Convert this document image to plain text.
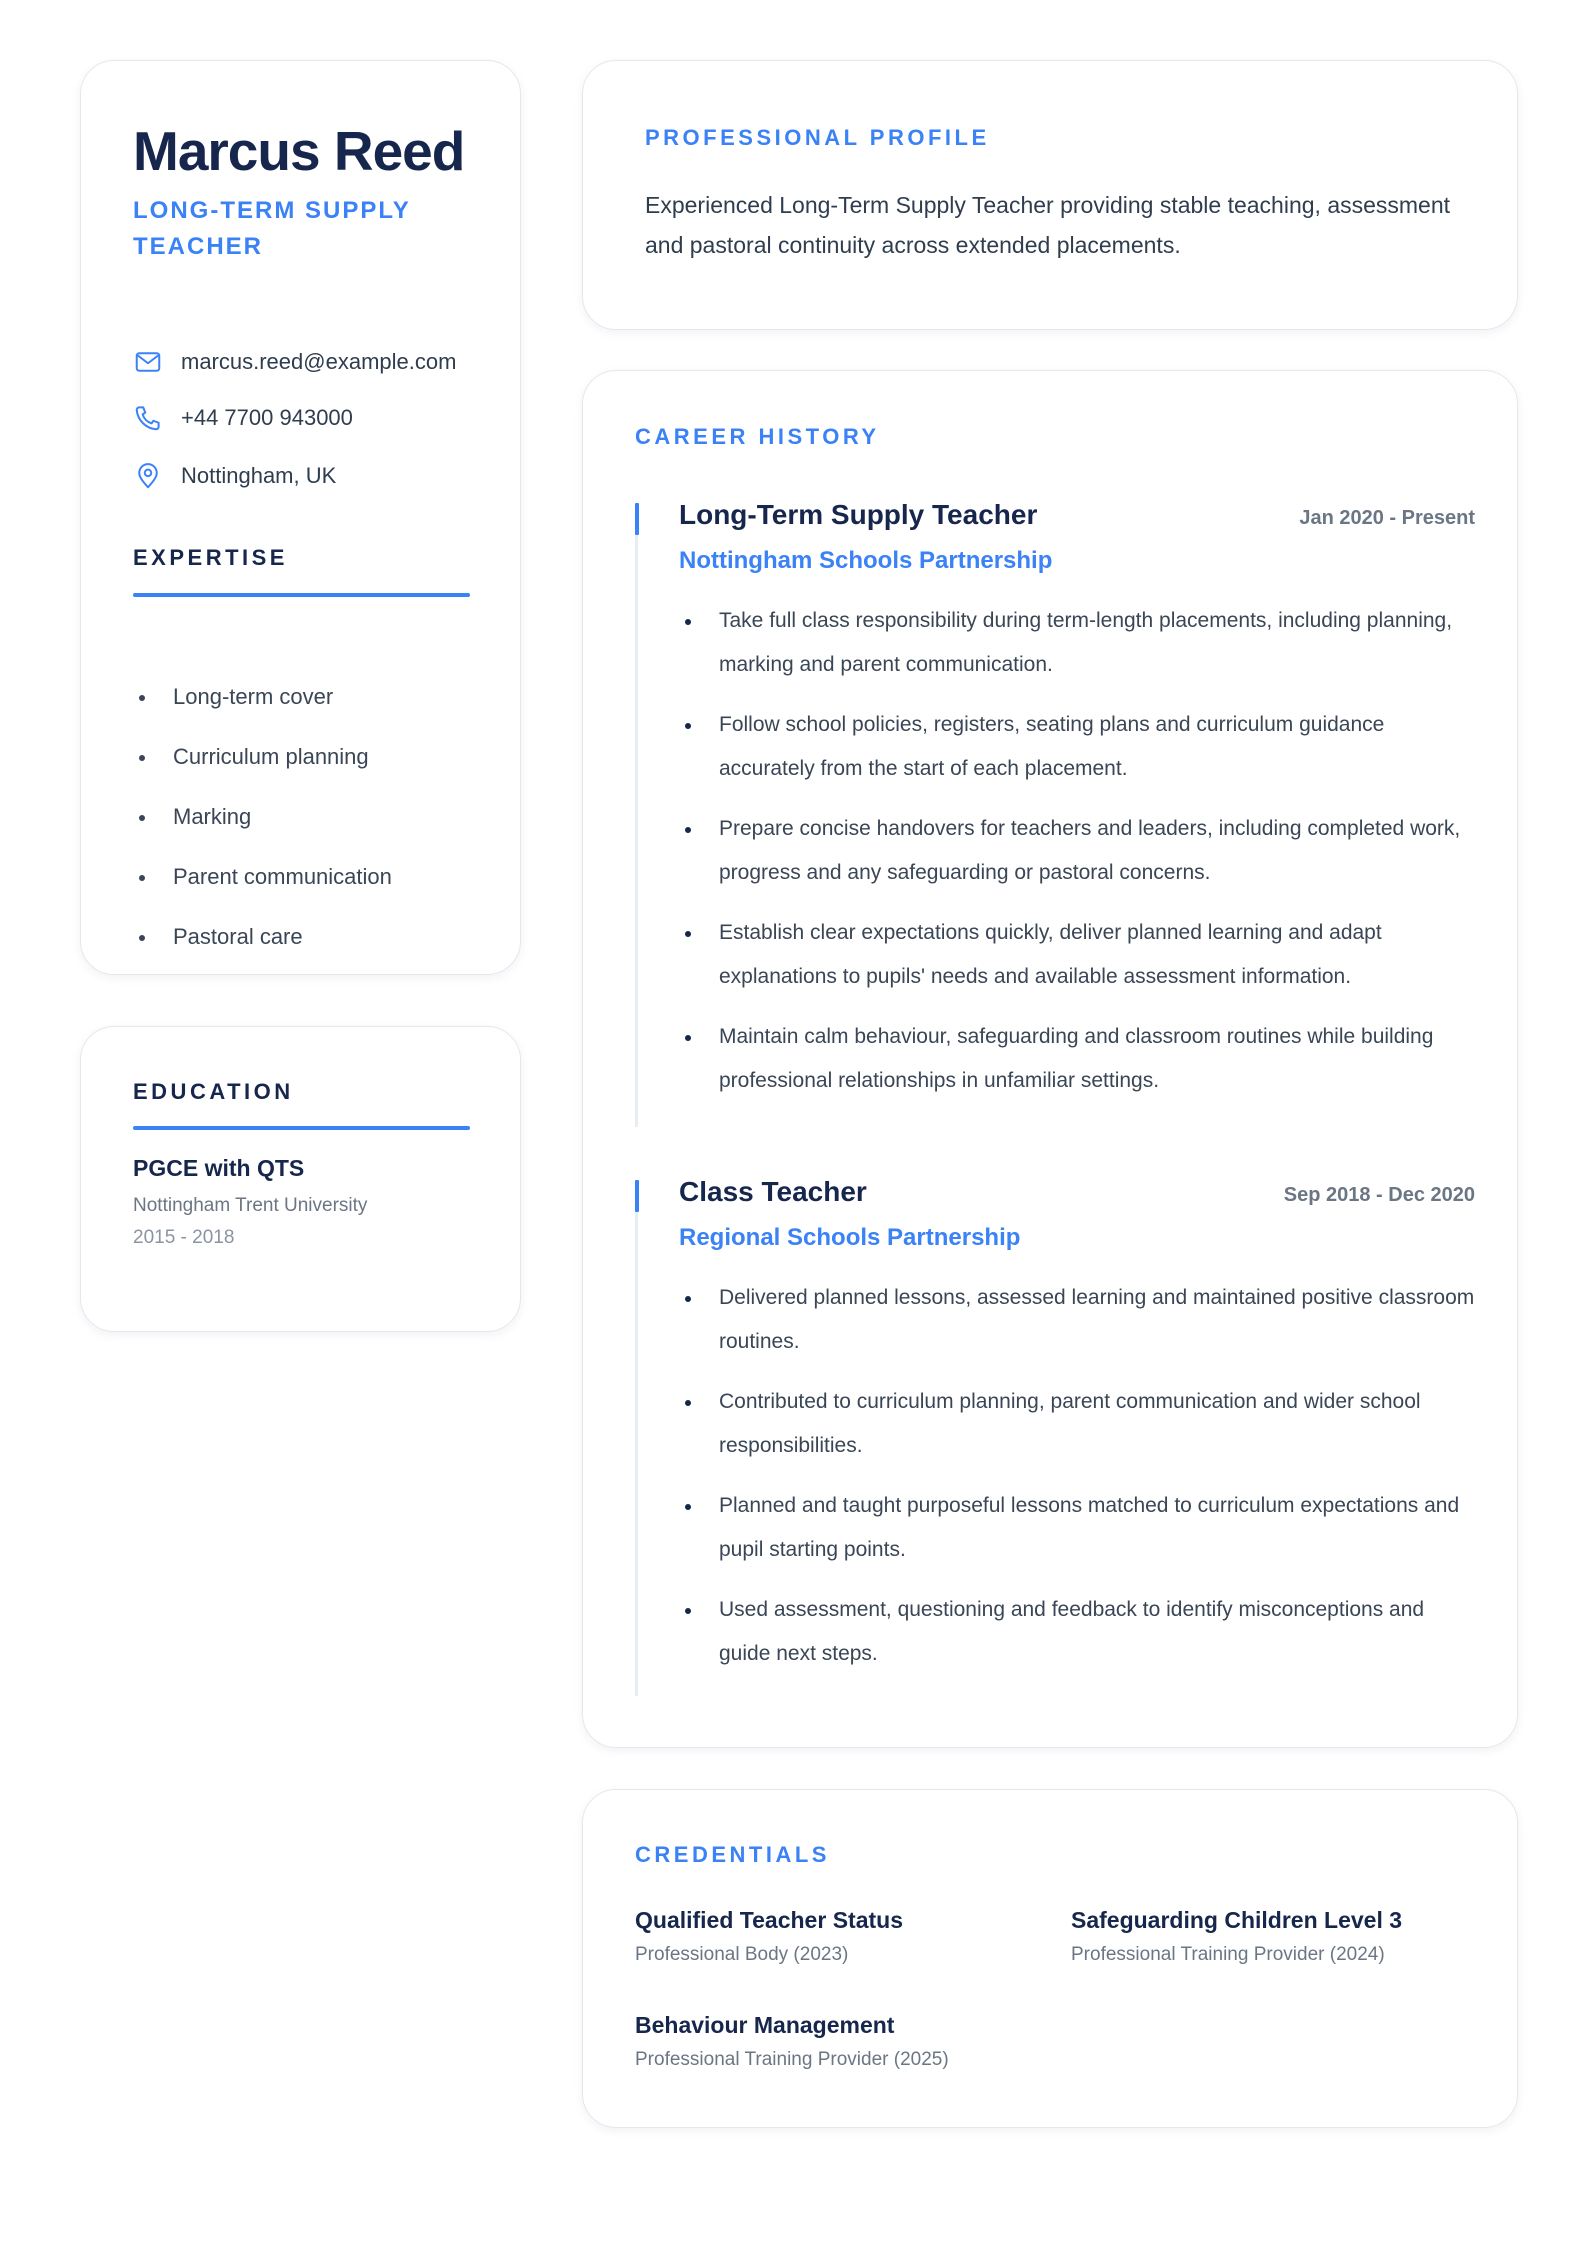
Marcus Reed
LONG-TERM SUPPLY TEACHER
marcus.reed@example.com
+44 7700 943000
Nottingham, UK
EXPERTISE
Long-term cover
Curriculum planning
Marking
Parent communication
Pastoral care
EDUCATION
PGCE with QTS
Nottingham Trent University
2015 - 2018
PROFESSIONAL PROFILE
Experienced Long-Term Supply Teacher providing stable teaching, assessment and pastoral continuity across extended placements.
CAREER HISTORY
Long-Term Supply Teacher	Jan 2020 - Present
Nottingham Schools Partnership
Take full class responsibility during term-length placements, including planning, marking and parent communication.
Follow school policies, registers, seating plans and curriculum guidance accurately from the start of each placement.
Prepare concise handovers for teachers and leaders, including completed work, progress and any safeguarding or pastoral concerns.
Establish clear expectations quickly, deliver planned learning and adapt explanations to pupils' needs and available assessment information.
Maintain calm behaviour, safeguarding and classroom routines while building professional relationships in unfamiliar settings.
Class Teacher	Sep 2018 - Dec 2020
Regional Schools Partnership
Delivered planned lessons, assessed learning and maintained positive classroom routines.
Contributed to curriculum planning, parent communication and wider school responsibilities.
Planned and taught purposeful lessons matched to curriculum expectations and pupil starting points.
Used assessment, questioning and feedback to identify misconceptions and guide next steps.
CREDENTIALS
Qualified Teacher Status
Professional Body (2023)
Safeguarding Children Level 3
Professional Training Provider (2024)
Behaviour Management
Professional Training Provider (2025)
